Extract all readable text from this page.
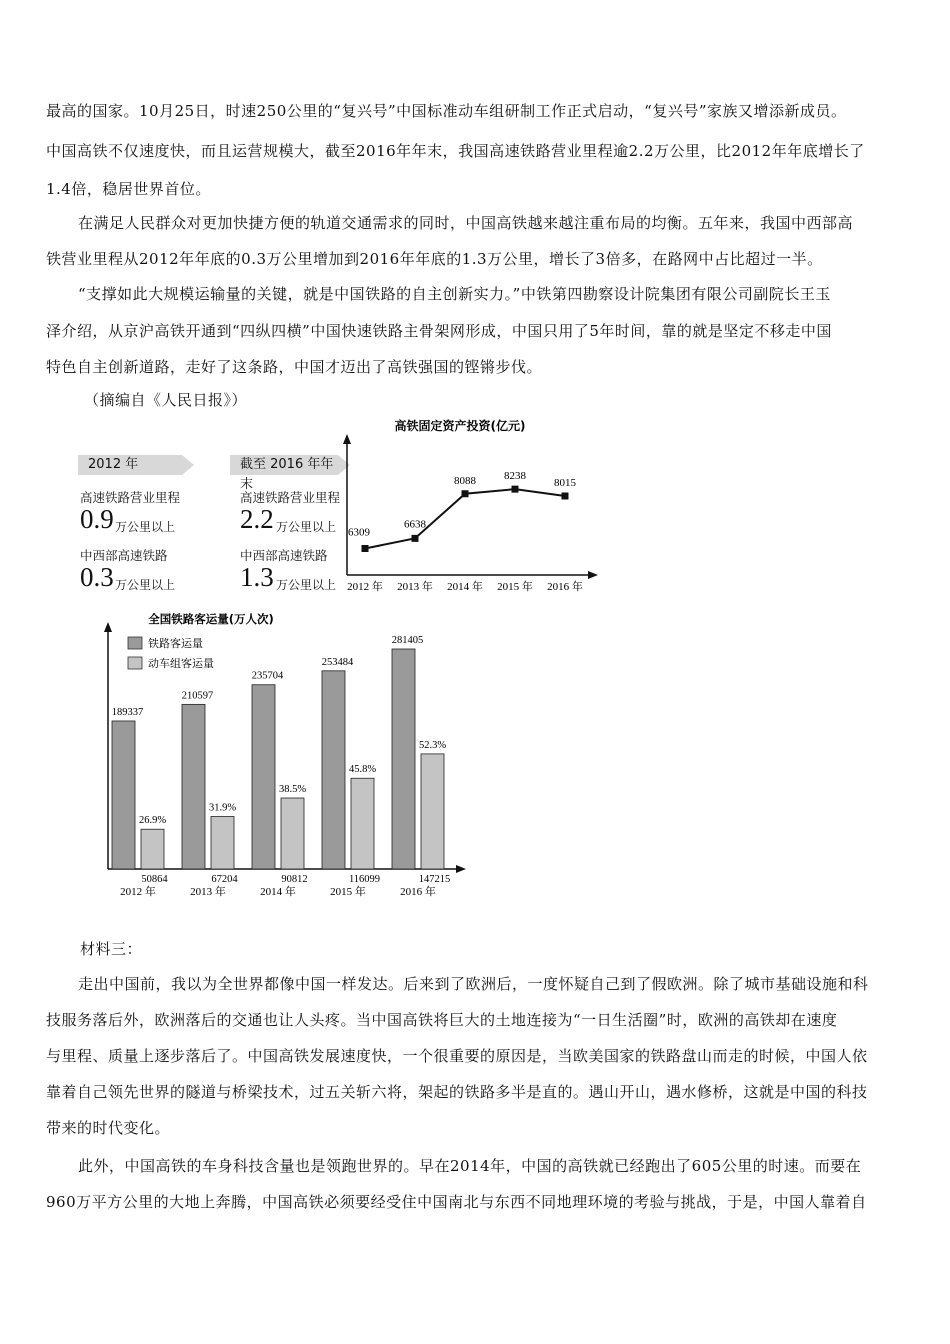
最高的国家。10月25日，时速250公里的“复兴号”中国标准动车组研制工作正式启动，“复兴号”家族又增添新成员。
中国高铁不仅速度快，而且运营规模大，截至2016年年末，我国高速铁路营业里程逾2.2万公里，比2012年年底增长了
1.4倍，稳居世界首位。
在满足人民群众对更加快捷方便的轨道交通需求的同时，中国高铁越来越注重布局的均衡。五年来，我国中西部高
铁营业里程从2012年年底的0.3万公里增加到2016年年底的1.3万公里，增长了3倍多，在路网中占比超过一半。
“支撑如此大规模运输量的关键，就是中国铁路的自主创新实力。”中铁第四勘察设计院集团有限公司副院长王玉
泽介绍，从京沪高铁开通到“四纵四横”中国快速铁路主骨架网形成，中国只用了5年时间，靠的就是坚定不移走中国
特色自主创新道路，走好了这条路，中国才迈出了高铁强国的铿锵步伐。
（摘编自《人民日报》）
2012 年
高速铁路营业里程
0.9 万公里以上
中西部高速铁路
0.3 万公里以上
截至 2016 年年末
高速铁路营业里程
2.2 万公里以上
中西部高速铁路
1.3 万公里以上
高铁固定资产投资(亿元)
6309
2012 年
6638
2013 年
8088
2014 年
8238
2015 年
8015
2016 年
全国铁路客运量(万人次)
铁路客运量
动车组客运量
189337
26.9%
50864
2012 年
210597
31.9%
67204
2013 年
235704
38.5%
90812
2014 年
253484
45.8%
116099
2015 年
281405
52.3%
147215
2016 年
材料三：
走出中国前，我以为全世界都像中国一样发达。后来到了欧洲后，一度怀疑自己到了假欧洲。除了城市基础设施和科
技服务落后外，欧洲落后的交通也让人头疼。当中国高铁将巨大的土地连接为“一日生活圈”时，欧洲的高铁却在速度
与里程、质量上逐步落后了。中国高铁发展速度快，一个很重要的原因是，当欧美国家的铁路盘山而走的时候，中国人依
靠着自己领先世界的隧道与桥梁技术，过五关斩六将，架起的铁路多半是直的。遇山开山，遇水修桥，这就是中国的科技
带来的时代变化。
此外，中国高铁的车身科技含量也是领跑世界的。早在2014年，中国的高铁就已经跑出了605公里的时速。而要在
960万平方公里的大地上奔腾，中国高铁必须要经受住中国南北与东西不同地理环境的考验与挑战，于是，中国人靠着自
